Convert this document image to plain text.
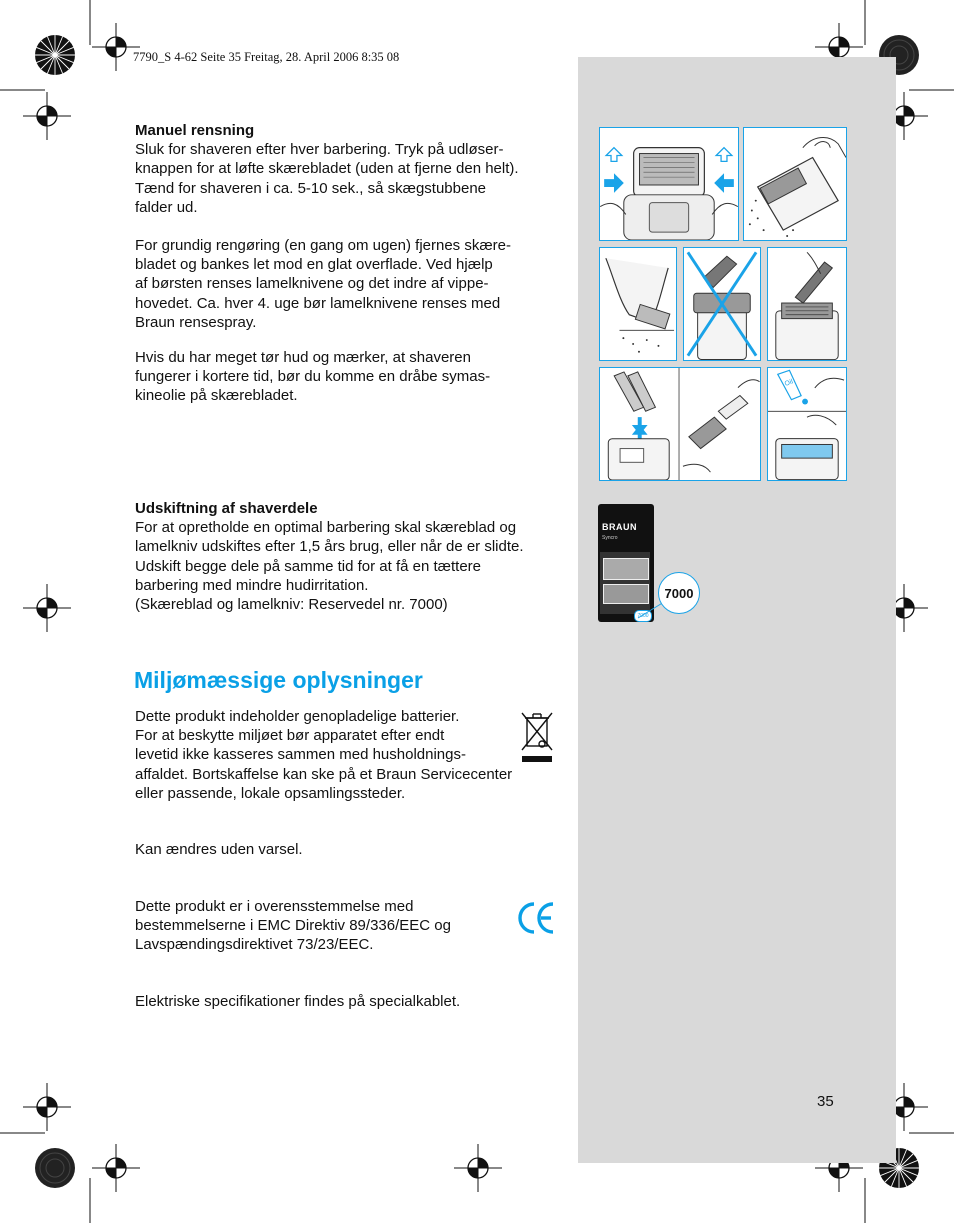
7790_S 4-62 Seite 35 Freitag, 28. April 2006 8:35 08
Manuel rensning
Sluk for shaveren efter hver barbering. Tryk på udløser-
knappen for at løfte skærebladet (uden at fjerne den helt).
Tænd for shaveren i ca. 5-10 sek., så skægstubbene
falder ud.
For grundig rengøring (en gang om ugen) fjernes skære-
bladet og bankes let mod en glat overflade. Ved hjælp
af børsten renses lamelknivene og det indre af vippe-
hovedet. Ca. hver 4. uge bør lamelknivene renses med
Braun rensespray.
Hvis du har meget tør hud og mærker, at shaveren
fungerer i kortere tid, bør du komme en dråbe symas-
kineolie på skærebladet.
Udskiftning af shaverdele
For at opretholde en optimal barbering skal skæreblad og
lamelkniv udskiftes efter 1,5 års brug, eller når de er slidte.
Udskift begge dele på samme tid for at få en tættere
barbering med mindre hudirritation.
(Skæreblad og lamelkniv: Reservedel nr. 7000)
Miljømæssige oplysninger
Dette produkt indeholder genopladelige batterier.
For at beskytte miljøet bør apparatet efter endt
levetid ikke kasseres sammen med husholdnings-
affaldet. Bortskaffelse kan ske på et Braun Servicecenter
eller passende, lokale opsamlingssteder.
Kan ændres uden varsel.
Dette produkt er i overensstemmelse med
bestemmelserne i EMC Direktiv 89/336/EEC og
Lavspændingsdirektivet 73/23/EEC.
Elektriske specifikationer findes på specialkablet.
35
Oil
BRAUN
Syncro
7000
7000
